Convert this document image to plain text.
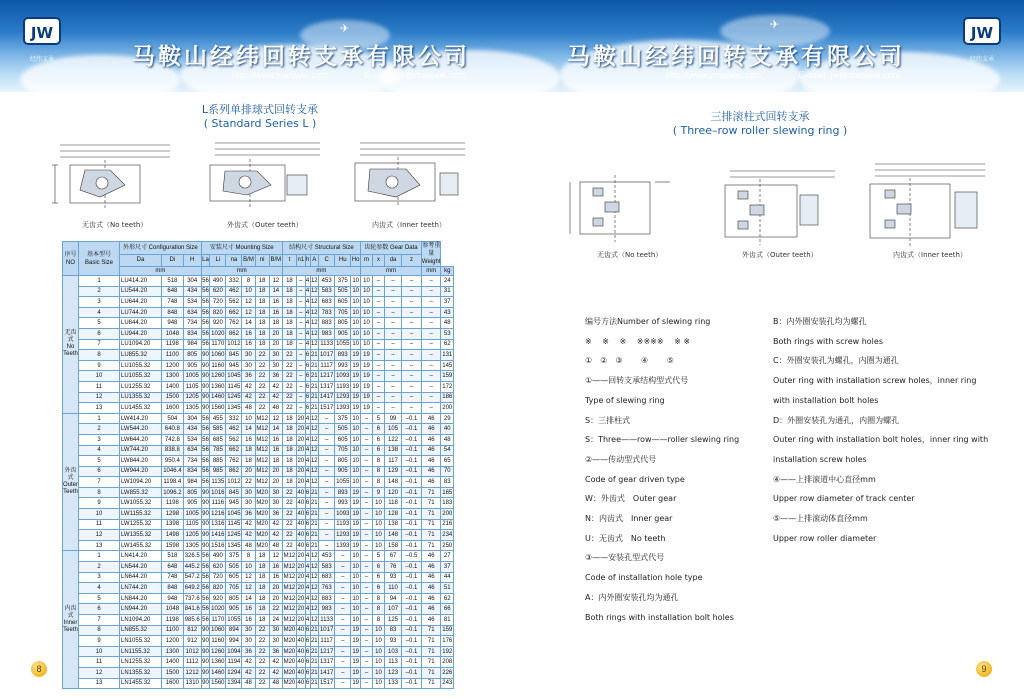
✈	✈
JW
经纬支承	马鞍山经纬回转支承有限公司
http://www.masjwei.com	E–mail: jw@masjwei.com
JW
经纬支承
马鞍山经纬回转支承有限公司
http://www.masjwei.com	E–mail: jw@masjwei.com
L系列单排球式回转支承
( Standard Series L )
无齿式（No teeth）	外齿式（Outer teeth）	内齿式（Inner teeth）
序号 NO	基本型号 Basic Size	外形尺寸 Configuration Size			安装尺寸 Mounting Size						结构尺寸 Structural Size							齿轮参数 Gear Data				参考重量 Weight	
		Da	Di	H	La	Li	na	B/M	ni	B/M	t	n1	h	A	C	Hu	Ho	m	x	da	z		
		mm			mm						mm							mm				mm	kg
无齿式 No Teeth	1	LU414.20	518	304	56	490	332	8	18	12	18	–	4	12	453	375	10	10	–	–	–	–	24
	2	LU544.20	648	434	56	620	462	10	18	14	18	–	4	12	583	505	10	10	–	–	–	–	31
	3	LU644.20	748	534	56	720	562	12	18	16	18	–	4	12	683	605	10	10	–	–	–	–	37
	4	LU744.20	848	634	56	820	662	12	18	16	18	–	4	12	783	705	10	10	–	–	–	–	43
	5	LU844.20	948	734	56	920	762	14	18	18	18	–	4	12	883	805	10	10	–	–	–	–	48
	6	LU944.20	1048	834	56	1020	862	16	18	20	18	–	4	12	983	905	10	10	–	–	–	–	53
	7	LU1094.20	1198	984	56	1170	1012	16	18	20	18	–	4	12	1133	1055	10	10	–	–	–	–	62
	8	LU855.32	1100	805	90	1060	845	30	22	30	22	–	6	21	1017	893	19	19	–	–	–	–	131
	9	LU1055.32	1200	905	90	1160	945	30	22	30	22	–	6	21	1117	993	19	19	–	–	–	–	145
	10	LU1055.32	1300	1005	90	1260	1045	36	22	36	22	–	6	21	1217	1093	19	19	–	–	–	–	159
	11	LU1255.32	1400	1105	90	1360	1145	42	22	42	22	–	6	21	1317	1193	19	19	–	–	–	–	172
	12	LU1355.32	1500	1205	90	1460	1245	42	22	42	22	–	6	21	1417	1293	19	19	–	–	–	–	186
	13	LU1455.32	1600	1305	90	1560	1345	48	22	48	22	–	6	21	1517	1393	19	19	–	–	–	–	200
外齿式 Outer Teeth	1	LW414.20	504	304	56	455	332	10	M12	12	18	20	4	12	–	375	10	–	5	99	–0.1	46	29
	2	LW544.20	640.8	434	56	585	462	14	M12	14	18	20	4	12	–	505	10	–	6	105	–0.1	46	40
	3	LW644.20	742.8	534	56	685	562	16	M12	16	18	20	4	12	–	605	10	–	6	122	–0.1	46	48
	4	LW744.20	838.8	634	56	785	662	18	M12	16	18	20	4	12	–	705	10	–	6	138	–0.1	46	54
	5	LW844.20	950.4	734	56	885	762	18	M12	18	18	20	4	12	–	805	10	–	8	117	–0.1	46	65
	6	LW944.20	1046.4	834	56	985	862	20	M12	20	18	20	4	12	–	905	10	–	8	129	–0.1	46	70
	7	LW1094.20	1198.4	984	56	1135	1012	22	M12	20	18	20	4	12	–	1055	10	–	8	148	–0.1	46	83
	8	LW855.32	1096.2	805	90	1016	845	30	M20	30	22	40	6	21	–	893	19	–	9	120	–0.1	71	165
	9	LW1055.32	1198	905	90	1116	945	30	M20	30	22	40	6	21	–	993	19	–	10	118	–0.1	71	183
	10	LW1155.32	1298	1005	90	1216	1045	36	M20	36	22	40	6	21	–	1093	19	–	10	128	–0.1	71	200
	11	LW1255.32	1398	1105	90	1316	1145	42	M20	42	22	40	6	21	–	1193	19	–	10	138	–0.1	71	216
	12	LW1355.32	1498	1205	90	1416	1245	42	M20	42	22	40	6	21	–	1293	19	–	10	148	–0.1	71	234
	13	LW1455.32	1598	1305	90	1516	1345	48	M20	48	22	40	6	21	–	1393	19	–	10	158	–0.1	71	250
内齿式 Inner Teeth	1	LN414.20	518	326.5	56	490	375	8	18	12	M12	20	4	12	453	–	10	–	5	67	–0.5	46	27
	2	LN544.20	648	445.2	56	620	505	10	18	16	M12	20	4	12	583	–	10	–	6	76	–0.1	46	37
	3	LN644.20	748	547.2	56	720	605	12	18	16	M12	20	4	12	683	–	10	–	6	93	–0.1	46	44
	4	LN744.20	848	649.2	56	820	705	12	18	20	M12	20	4	12	763	–	10	–	6	110	–0.1	46	51
	5	LN844.20	948	737.6	56	920	805	14	18	20	M12	20	4	12	883	–	10	–	8	94	–0.1	46	62
	6	LN944.20	1048	841.6	56	1020	905	16	18	22	M12	20	4	12	983	–	10	–	8	107	–0.1	46	66
	7	LN1094.20	1198	985.6	56	1170	1055	16	18	24	M12	20	4	12	1133	–	10	–	8	125	–0.1	46	81
	8	LN855.32	1100	812	90	1060	894	30	22	30	M20	40	6	21	1017	–	19	–	10	83	–0.1	71	159
	9	LN1055.32	1200	912	90	1160	994	30	22	30	M20	40	6	21	1117	–	19	–	10	93	–0.1	71	176
	10	LN1155.32	1300	1012	90	1260	1094	36	22	36	M20	40	6	21	1217	–	19	–	10	103	–0.1	71	192
	11	LN1255.32	1400	1112	90	1360	1194	42	22	42	M20	40	6	21	1317	–	19	–	10	113	–0.1	71	208
	12	LN1355.32	1500	1212	90	1460	1294	42	22	42	M20	40	6	21	1417	–	19	–	10	123	–0.1	71	226
	13	LN1455.32	1600	1310	90	1560	1394	48	22	48	M20	40	6	21	1517	–	19	–	10	133	–0.1	71	243
8
三排滚柱式回转支承
( Three–row roller slewing ring )
无齿式（No teeth）	外齿式（Outer teeth）	内齿式（Inner teeth）
编号方法Number of slewing ring
※　 ※　 ※　 ※※※※　 ※ ※
①　②　③　　 ④　　 ⑤
①——回转支承结构型式代号
Type of slewing ring
S：三排柱式
S：Three——row——roller slewing ring
②——传动型式代号
Code of gear driven type
W：外齿式　Outer gear
N：内齿式　Inner gear
U：无齿式　No teeth
③——安装孔型式代号
Code of installation hole type
A：内外圈安装孔均为通孔
Both rings with installation bolt holes
B：内外圈安装孔均为螺孔
Both rings with screw holes
C：外圈安装孔为螺孔，内圈为通孔
Outer ring with installation screw holes，inner ring
with installation bolt holes
D：外圈安装孔为通孔，内圈为螺孔
Outer ring with installation bolt holes，inner ring with
installation screw holes
④——上排滚道中心直径mm
Upper row diameter of track center
⑤——上排滚动体直径mm
Upper row roller diameter
9
